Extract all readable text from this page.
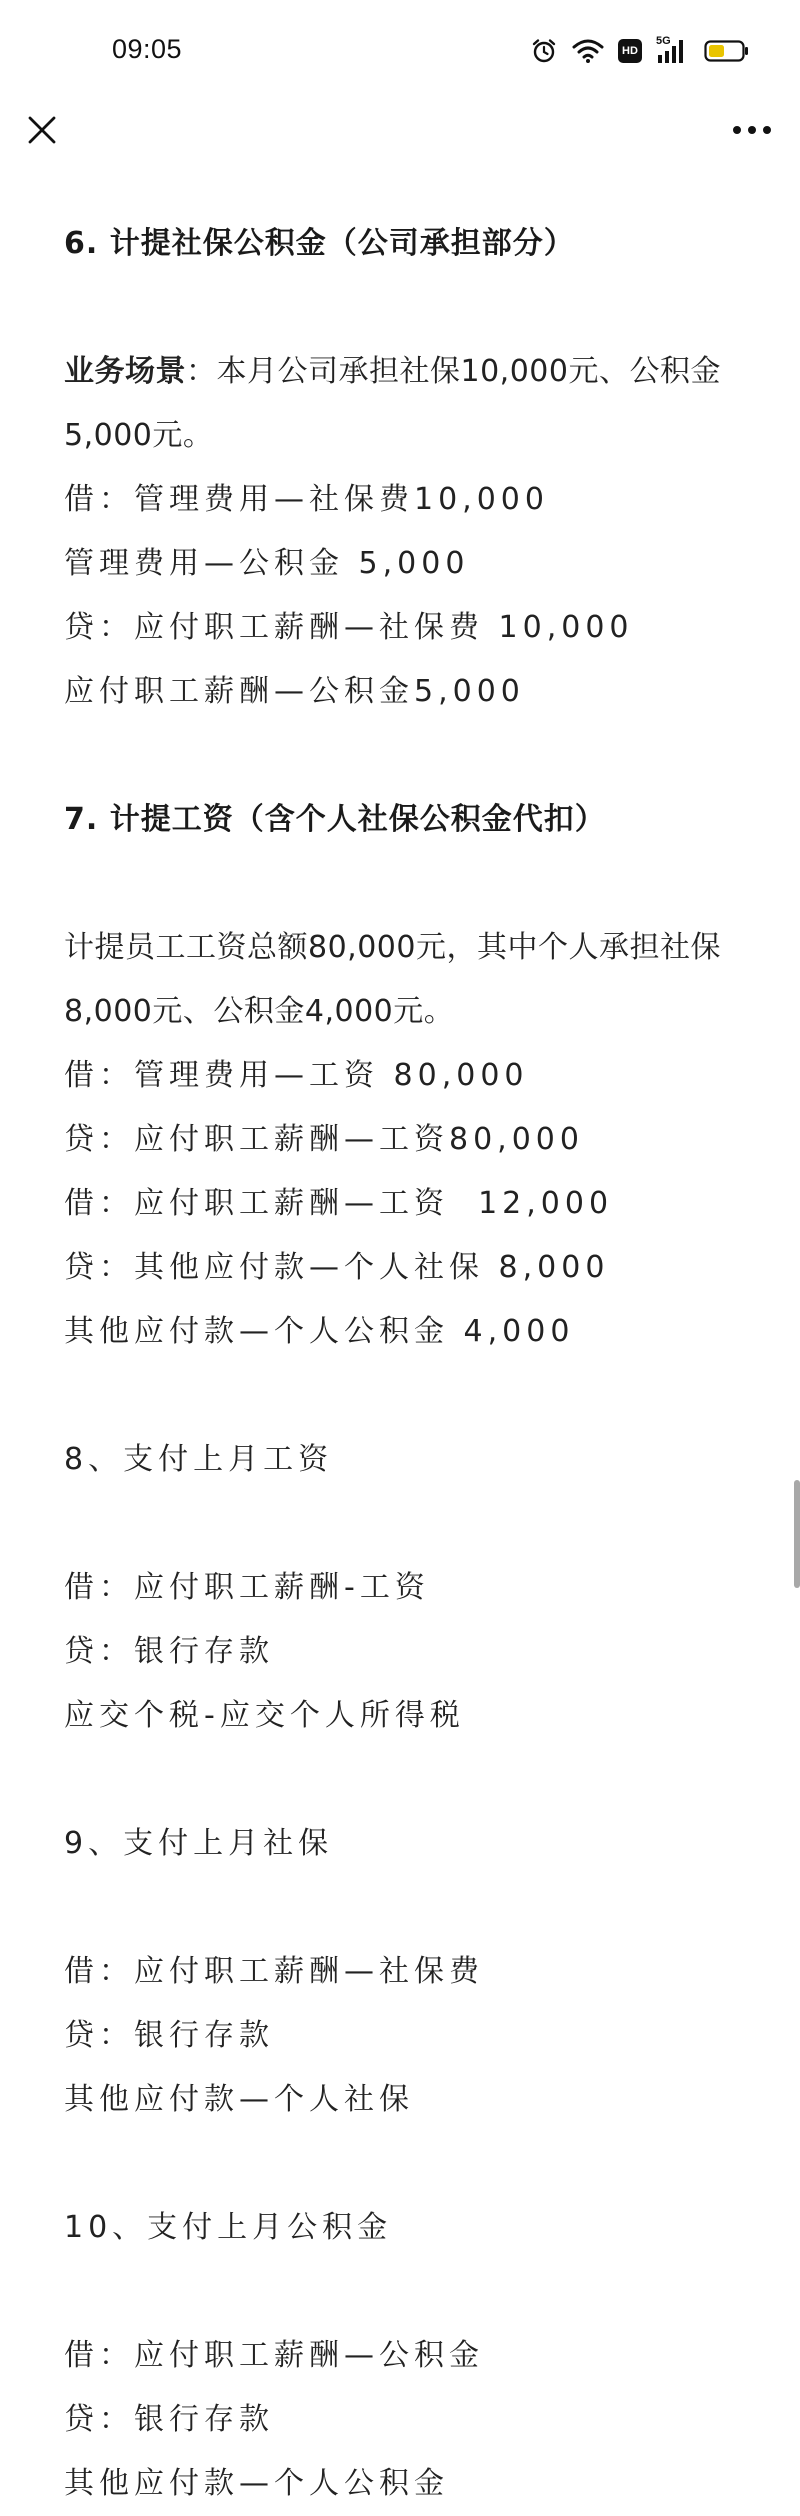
09:05	HD
5G

6. 计提社保公积金（公司承担部分）

业务场景：本月公司承担社保10,000元、公积金5,000元。

借：管理费用—社保费10,000

管理费用—公积金 5,000

贷：应付职工薪酬—社保费 10,000

应付职工薪酬—公积金5,000

7. 计提工资（含个人社保公积金代扣）

计提员工工资总额80,000元，其中个人承担社保8,000元、公积金4,000元。

借：管理费用—工资 80,000

贷：应付职工薪酬—工资80,000

借：应付职工薪酬—工资  12,000

贷：其他应付款—个人社保 8,000

其他应付款—个人公积金 4,000

8、支付上月工资

借：应付职工薪酬-工资

贷：银行存款

应交个税-应交个人所得税

9、支付上月社保

借：应付职工薪酬—社保费

贷：银行存款

其他应付款—个人社保

10、支付上月公积金

借：应付职工薪酬—公积金

贷：银行存款

其他应付款—个人公积金
